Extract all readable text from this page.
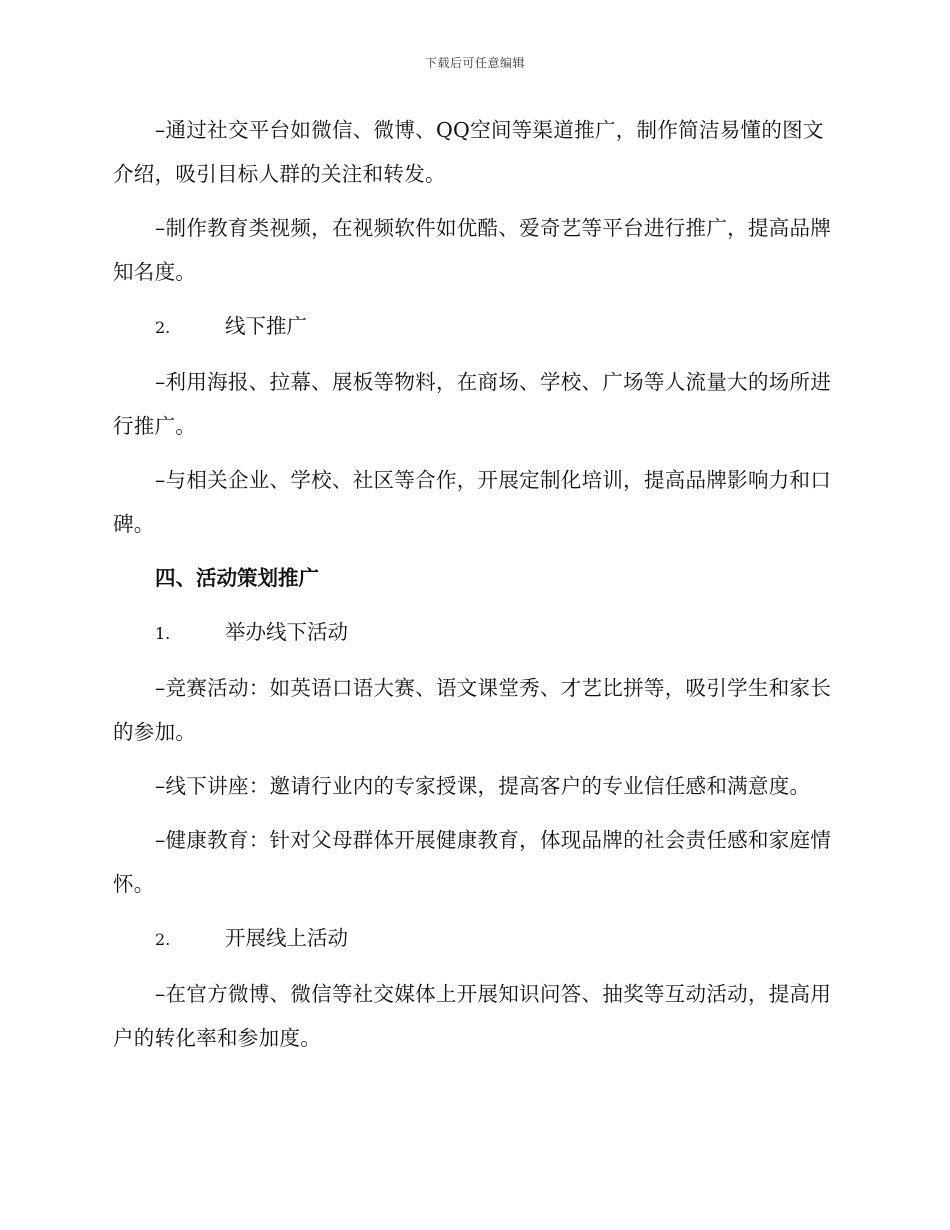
下载后可任意编辑

–通过社交平台如微信、微博、QQ空间等渠道推广，制作简洁易懂的图文介绍，吸引目标人群的关注和转发。

–制作教育类视频，在视频软件如优酷、爱奇艺等平台进行推广，提高品牌知名度。

2.	线下推广

–利用海报、拉幕、展板等物料，在商场、学校、广场等人流量大的场所进行推广。

–与相关企业、学校、社区等合作，开展定制化培训，提高品牌影响力和口碑。

四、活动策划推广
1.	举办线下活动

–竞赛活动：如英语口语大赛、语文课堂秀、才艺比拼等，吸引学生和家长的参加。

–线下讲座：邀请行业内的专家授课，提高客户的专业信任感和满意度。

–健康教育：针对父母群体开展健康教育，体现品牌的社会责任感和家庭情怀。

2.	开展线上活动

–在官方微博、微信等社交媒体上开展知识问答、抽奖等互动活动，提高用户的转化率和参加度。
